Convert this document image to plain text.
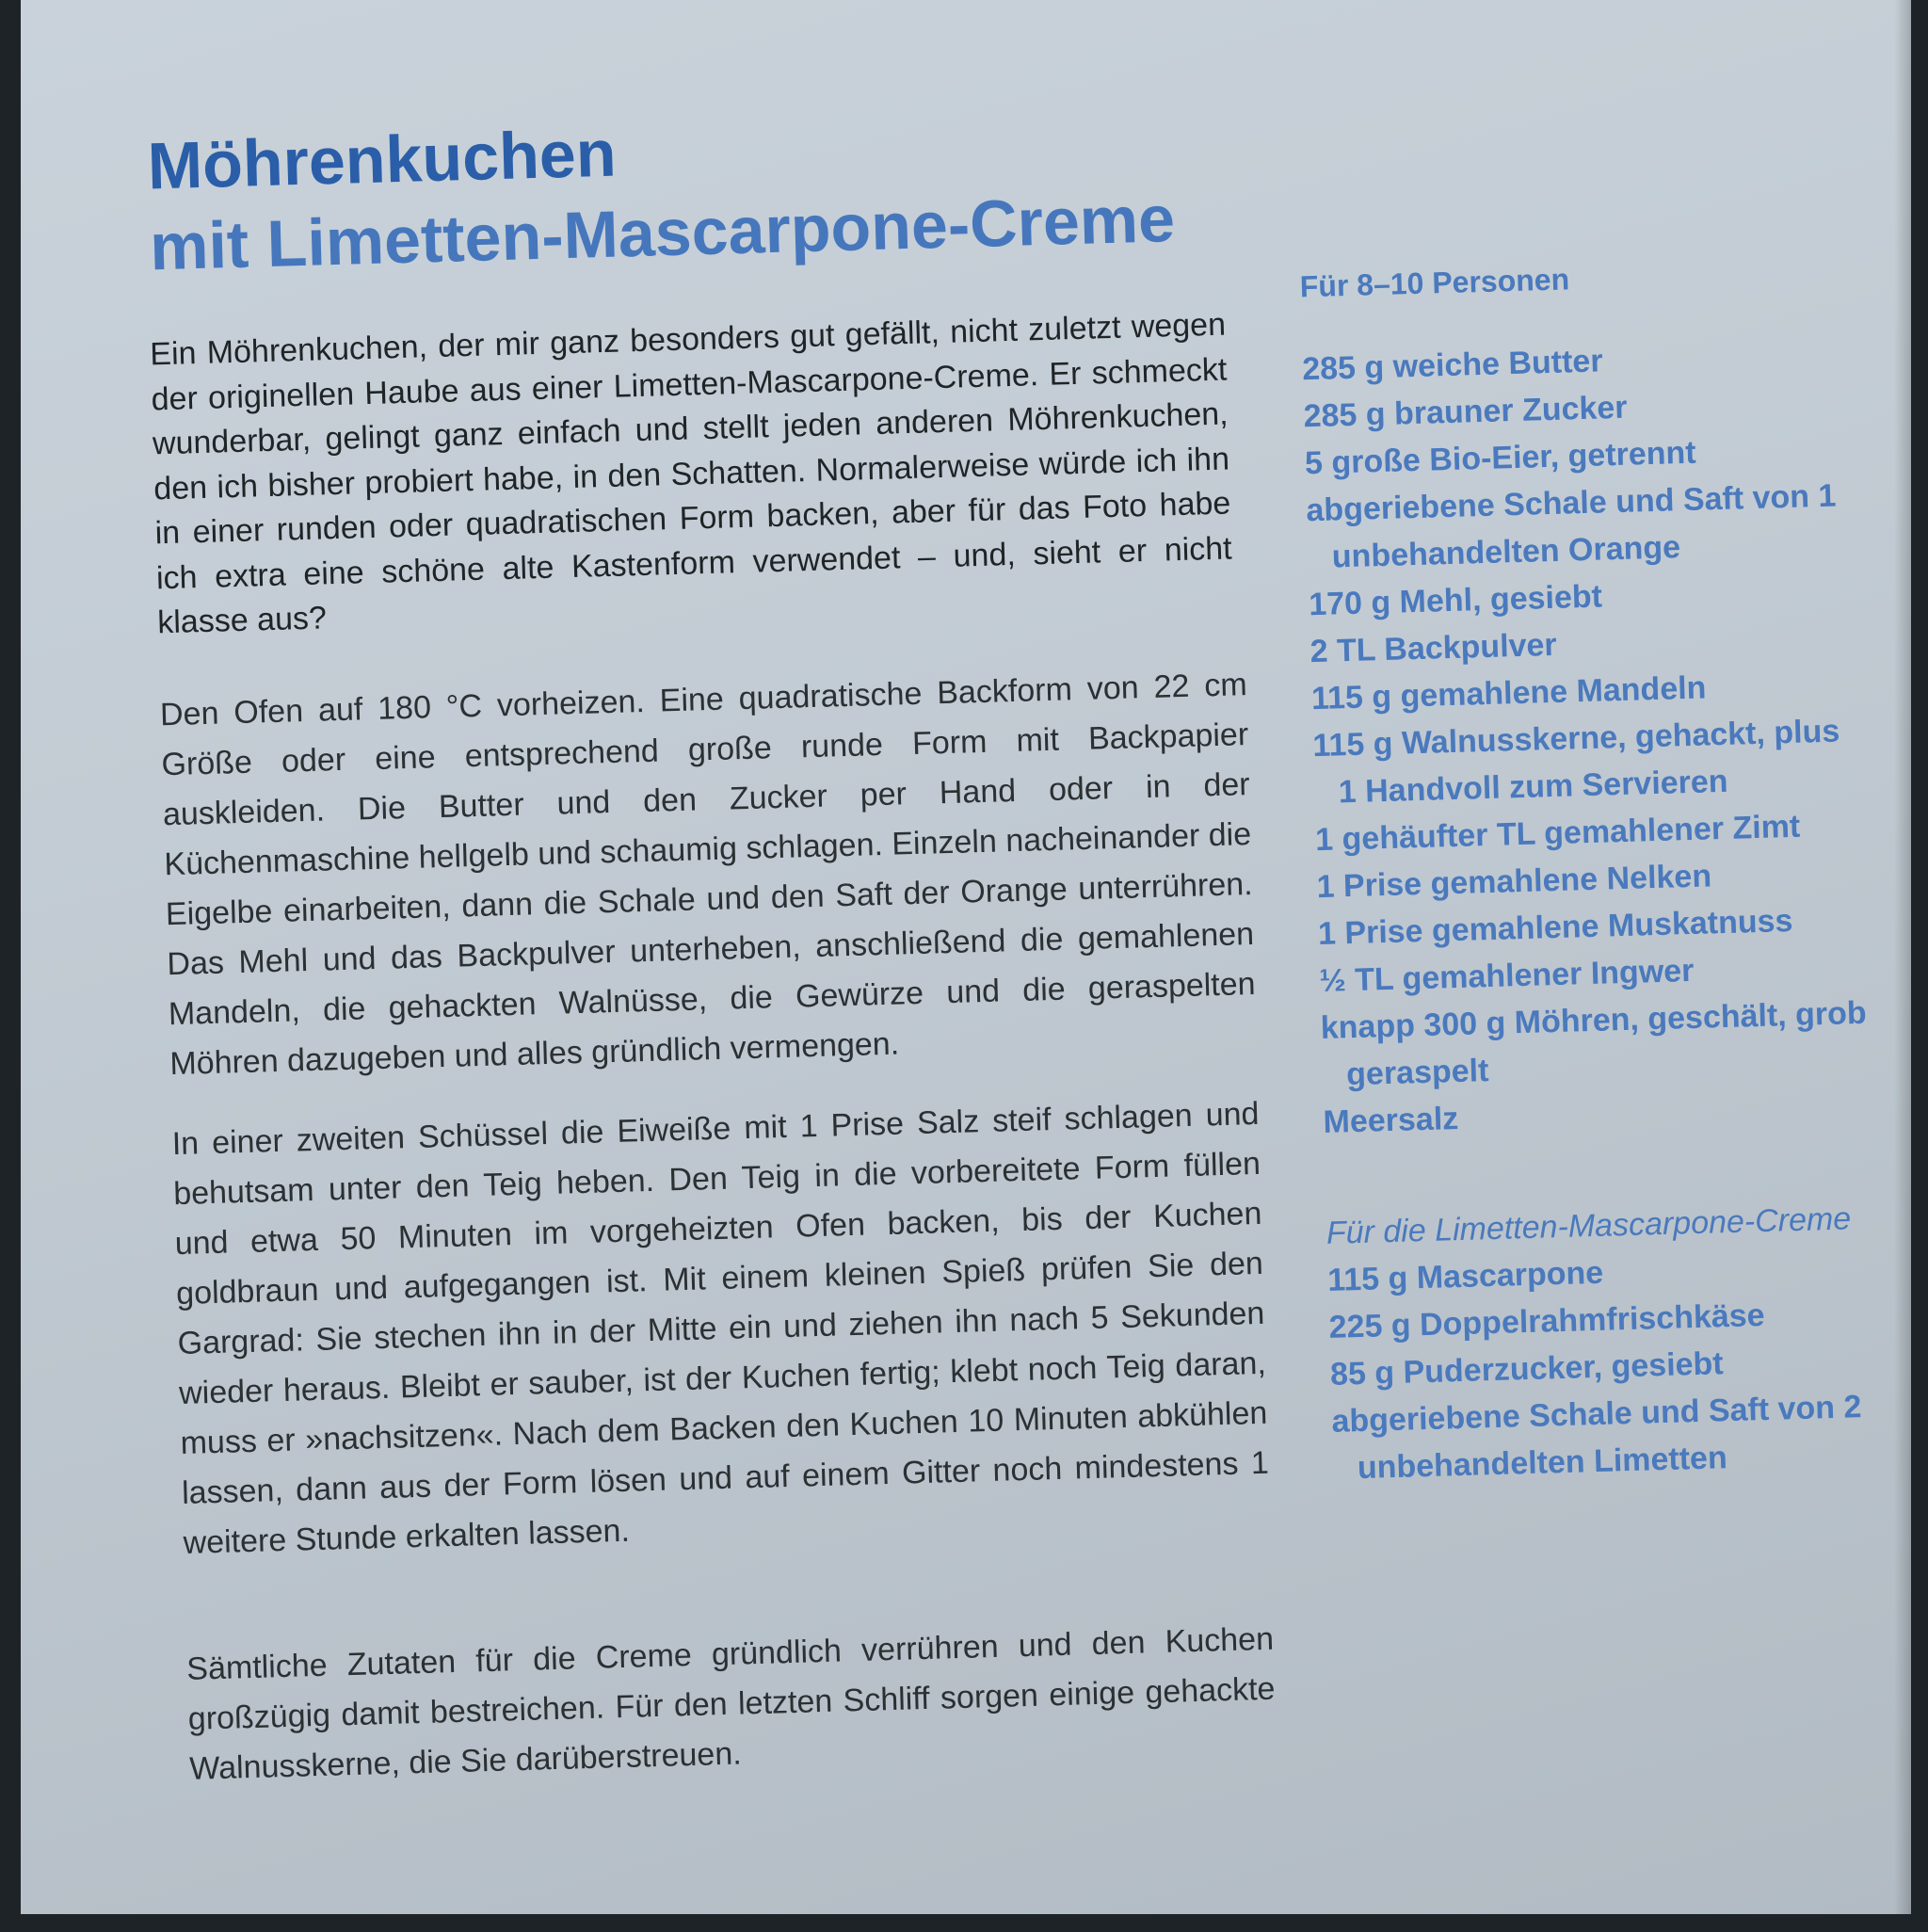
Möhrenkuchen
mit Limetten-Mascarpone-Creme

Ein Möhrenkuchen, der mir ganz besonders gut gefällt, nicht zuletzt wegen der originellen Haube aus einer Limetten-Mascarpone-Creme. Er schmeckt wunderbar, gelingt ganz einfach und stellt jeden anderen Möhrenkuchen, den ich bisher probiert habe, in den Schatten. Normalerweise würde ich ihn in einer runden oder quadratischen Form backen, aber für das Foto habe ich extra eine schöne alte Kastenform verwendet – und, sieht er nicht klasse aus?

Den Ofen auf 180 °C vorheizen. Eine quadratische Backform von 22 cm Größe oder eine entsprechend große runde Form mit Backpapier auskleiden. Die Butter und den Zucker per Hand oder in der Küchenmaschine hellgelb und schaumig schlagen. Einzeln nacheinander die Eigelbe einarbeiten, dann die Schale und den Saft der Orange unterrühren. Das Mehl und das Backpulver unterheben, anschließend die gemahlenen Mandeln, die gehackten Walnüsse, die Gewürze und die geraspelten Möhren dazugeben und alles gründlich vermengen.

In einer zweiten Schüssel die Eiweiße mit 1 Prise Salz steif schlagen und behutsam unter den Teig heben. Den Teig in die vorbereitete Form füllen und etwa 50 Minuten im vorgeheizten Ofen backen, bis der Kuchen goldbraun und aufgegangen ist. Mit einem kleinen Spieß prüfen Sie den Gargrad: Sie stechen ihn in der Mitte ein und ziehen ihn nach 5 Sekunden wieder heraus. Bleibt er sauber, ist der Kuchen fertig; klebt noch Teig daran, muss er »nachsitzen«. Nach dem Backen den Kuchen 10 Minuten abkühlen lassen, dann aus der Form lösen und auf einem Gitter noch mindestens 1 weitere Stunde erkalten lassen.

Sämtliche Zutaten für die Creme gründlich verrühren und den Kuchen großzügig damit bestreichen. Für den letzten Schliff sorgen einige gehackte Walnusskerne, die Sie darüberstreuen.

Für 8–10 Personen

285 g weiche Butter
285 g brauner Zucker
5 große Bio-Eier, getrennt
abgeriebene Schale und Saft von 1 unbehandelten Orange
170 g Mehl, gesiebt
2 TL Backpulver
115 g gemahlene Mandeln
115 g Walnusskerne, gehackt, plus 1 Handvoll zum Servieren
1 gehäufter TL gemahlener Zimt
1 Prise gemahlene Nelken
1 Prise gemahlene Muskatnuss
½ TL gemahlener Ingwer
knapp 300 g Möhren, geschält, grob geraspelt
Meersalz

Für die Limetten-Mascarpone-Creme

115 g Mascarpone
225 g Doppelrahmfrischkäse
85 g Puderzucker, gesiebt
abgeriebene Schale und Saft von 2 unbehandelten Limetten
